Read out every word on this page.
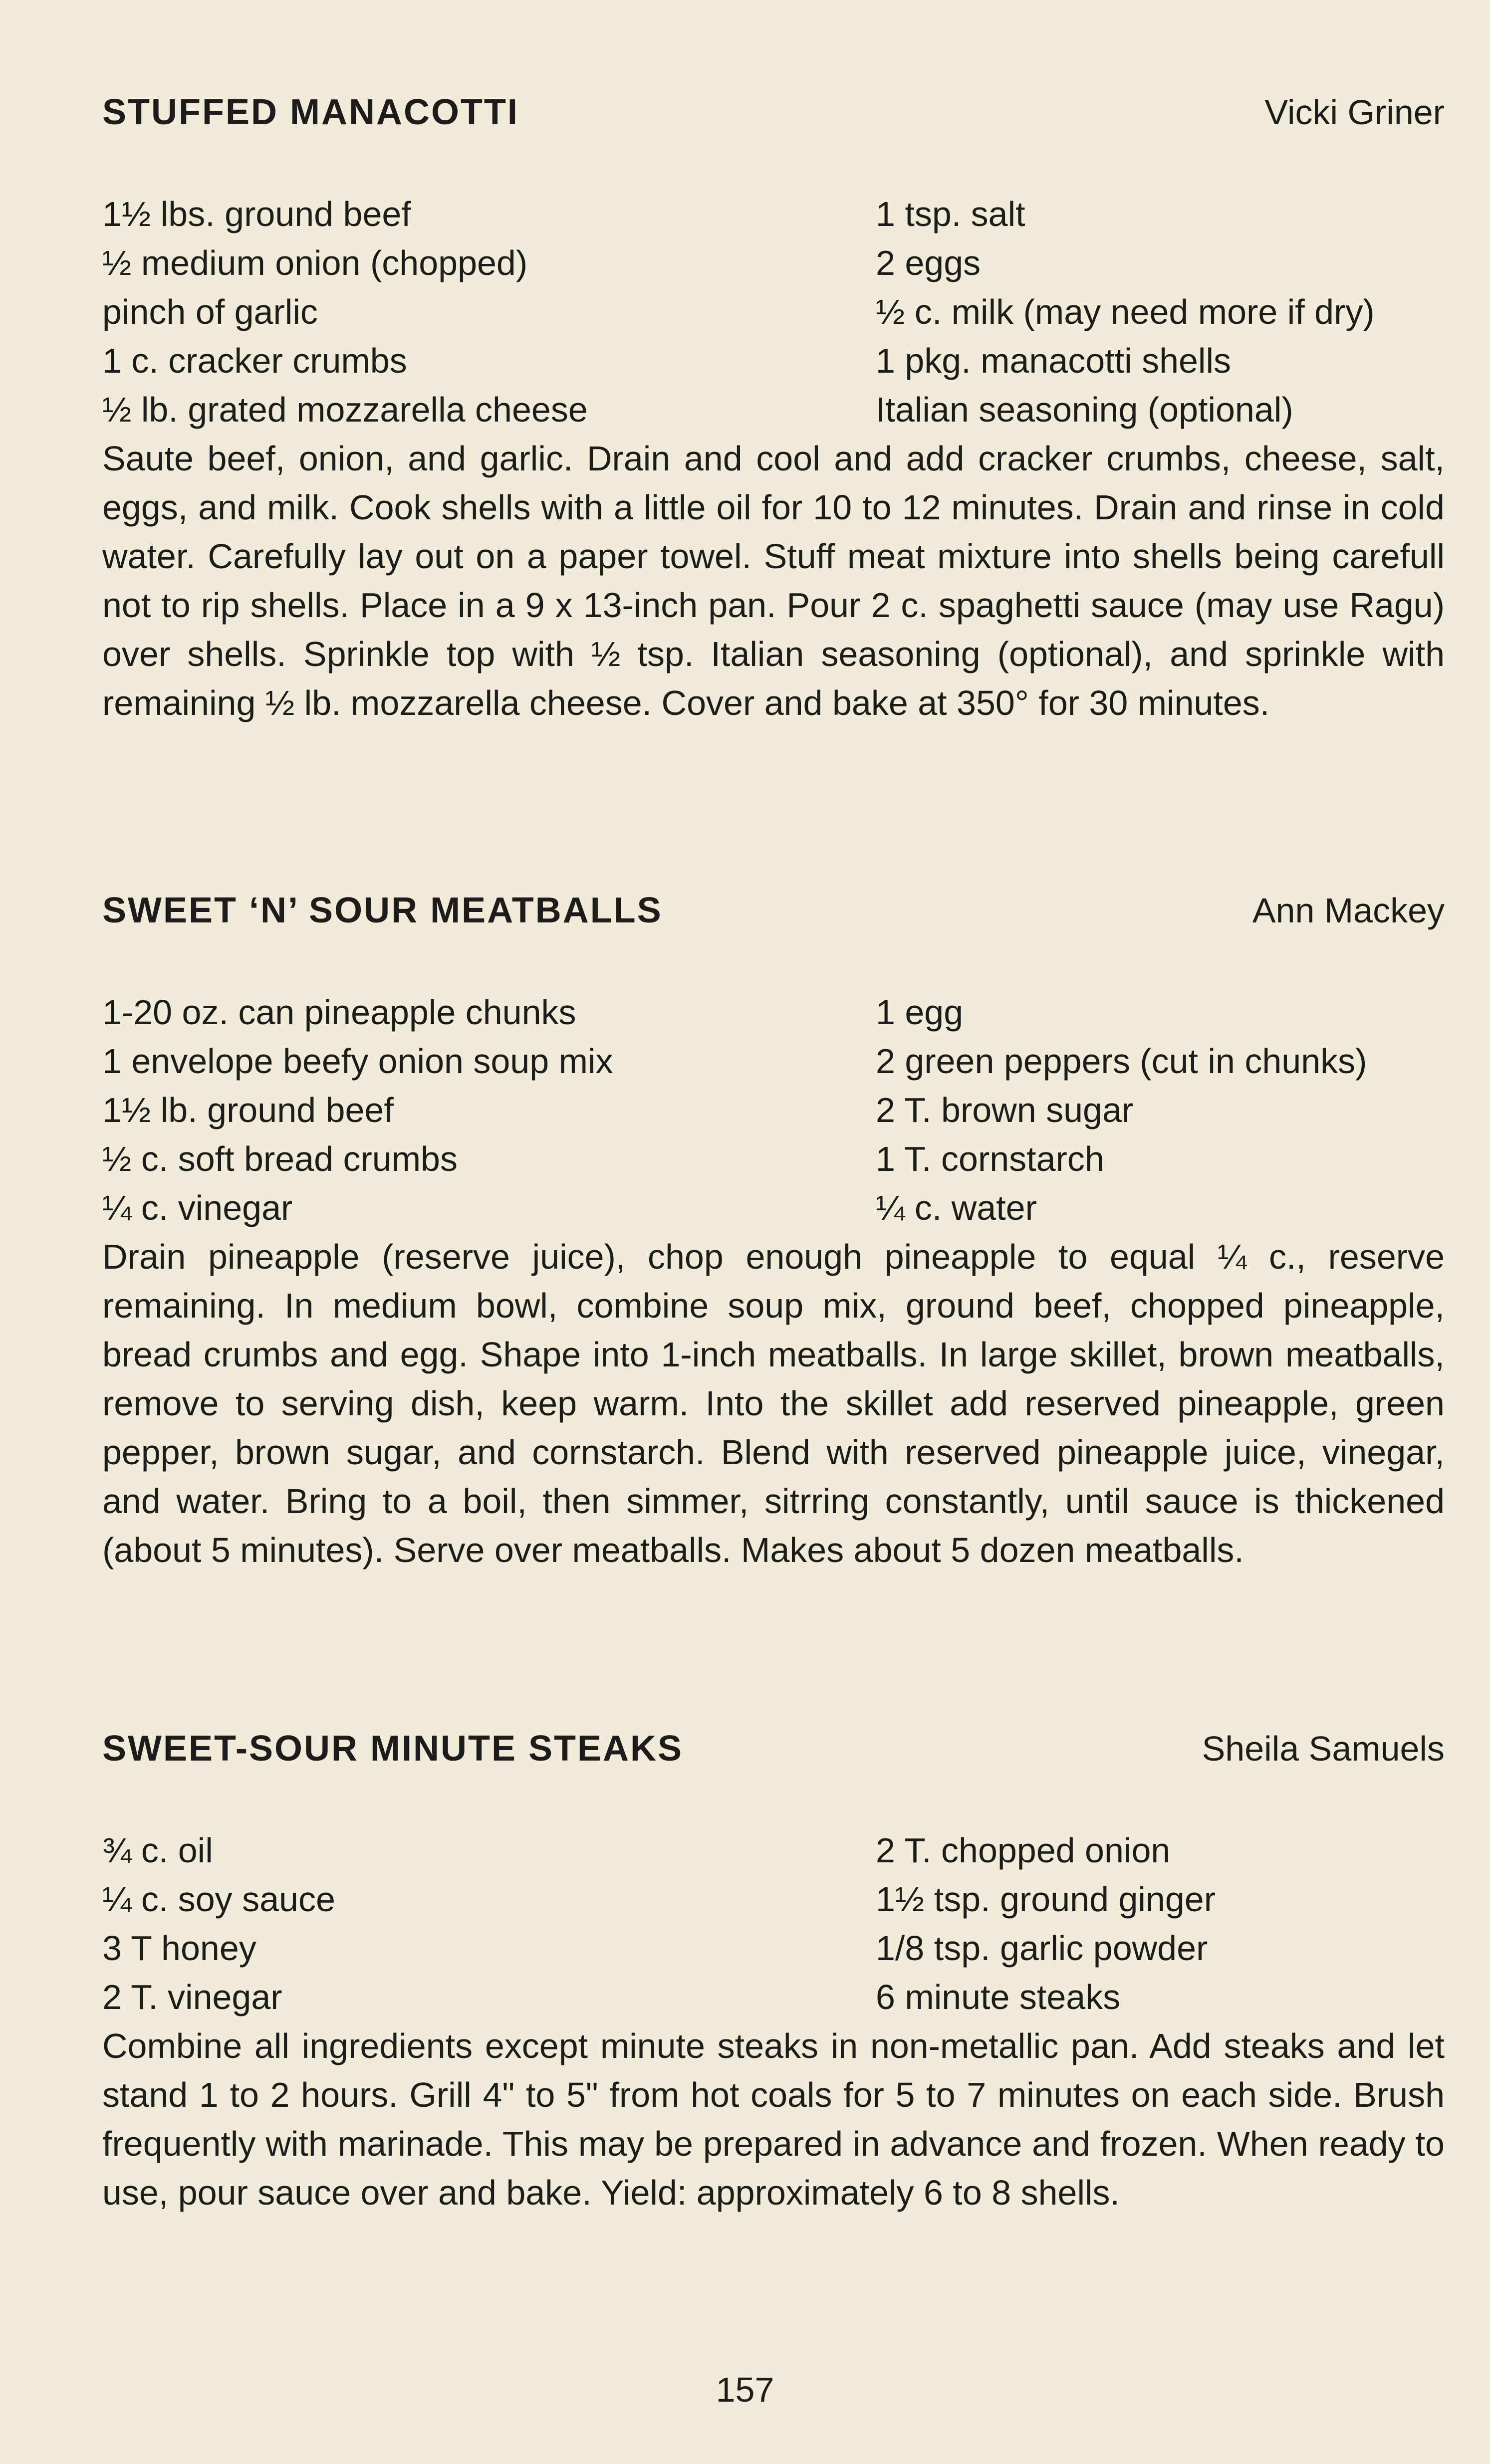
STUFFED MANACOTTI	Vicki Griner
1½ lbs. ground beef	1 tsp. salt
½ medium onion (chopped)	2 eggs
pinch of garlic	½ c. milk (may need more if dry)
1 c. cracker crumbs	1 pkg. manacotti shells
½ lb. grated mozzarella cheese	Italian seasoning (optional)

Saute beef, onion, and garlic. Drain and cool and add cracker crumbs, cheese, salt, eggs, and milk. Cook shells with a little oil for 10 to 12 minutes. Drain and rinse in cold water. Carefully lay out on a paper towel. Stuff meat mixture into shells being carefull not to rip shells. Place in a 9 x 13-inch pan. Pour 2 c. spaghetti sauce (may use Ragu) over shells. Sprinkle top with ½ tsp. Italian seasoning (optional), and sprinkle with remaining ½ lb. mozzarella cheese. Cover and bake at 350° for 30 minutes.

SWEET ‘N’ SOUR MEATBALLS	Ann Mackey
1-20 oz. can pineapple chunks	1 egg
1 envelope beefy onion soup mix	2 green peppers (cut in chunks)
1½ lb. ground beef	2 T. brown sugar
½ c. soft bread crumbs	1 T. cornstarch
¼ c. vinegar	¼ c. water

Drain pineapple (reserve juice), chop enough pineapple to equal ¼ c., reserve remaining. In medium bowl, combine soup mix, ground beef, chopped pineapple, bread crumbs and egg. Shape into 1-inch meatballs. In large skillet, brown meatballs, remove to serving dish, keep warm. Into the skillet add reserved pineapple, green pepper, brown sugar, and cornstarch. Blend with reserved pineapple juice, vinegar, and water. Bring to a boil, then simmer, sitrring constantly, until sauce is thickened (about 5 minutes). Serve over meatballs. Makes about 5 dozen meatballs.

SWEET-SOUR MINUTE STEAKS	Sheila Samuels
¾ c. oil	2 T. chopped onion
¼ c. soy sauce	1½ tsp. ground ginger
3 T honey	1/8 tsp. garlic powder
2 T. vinegar	6 minute steaks

Combine all ingredients except minute steaks in non-metallic pan. Add steaks and let stand 1 to 2 hours. Grill 4" to 5" from hot coals for 5 to 7 minutes on each side. Brush frequently with marinade. This may be prepared in advance and frozen. When ready to use, pour sauce over and bake. Yield: approximately 6 to 8 shells.

157
